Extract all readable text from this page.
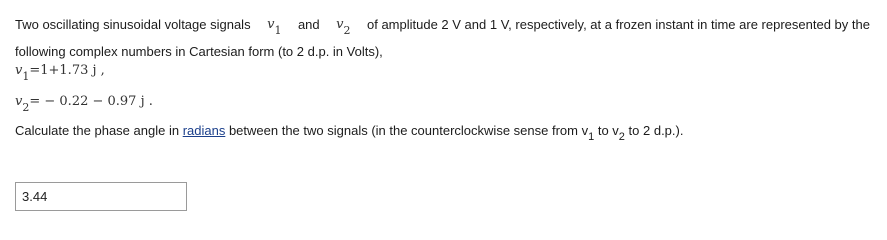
Two oscillating sinusoidal voltage signals $v_1$ and $v_2$ of amplitude 2 V and 1 V, respectively, at a frozen instant in time are represented by the
following complex numbers in Cartesian form (to 2 d.p. in Volts),
$v_1=1+1.73$ j ,
$v_2= - 0.22 - 0.97$ j .
Calculate the phase angle in radians between the two signals (in the counterclockwise sense from $v_1$ to $v_2$ to 2 d.p.).
3.44
